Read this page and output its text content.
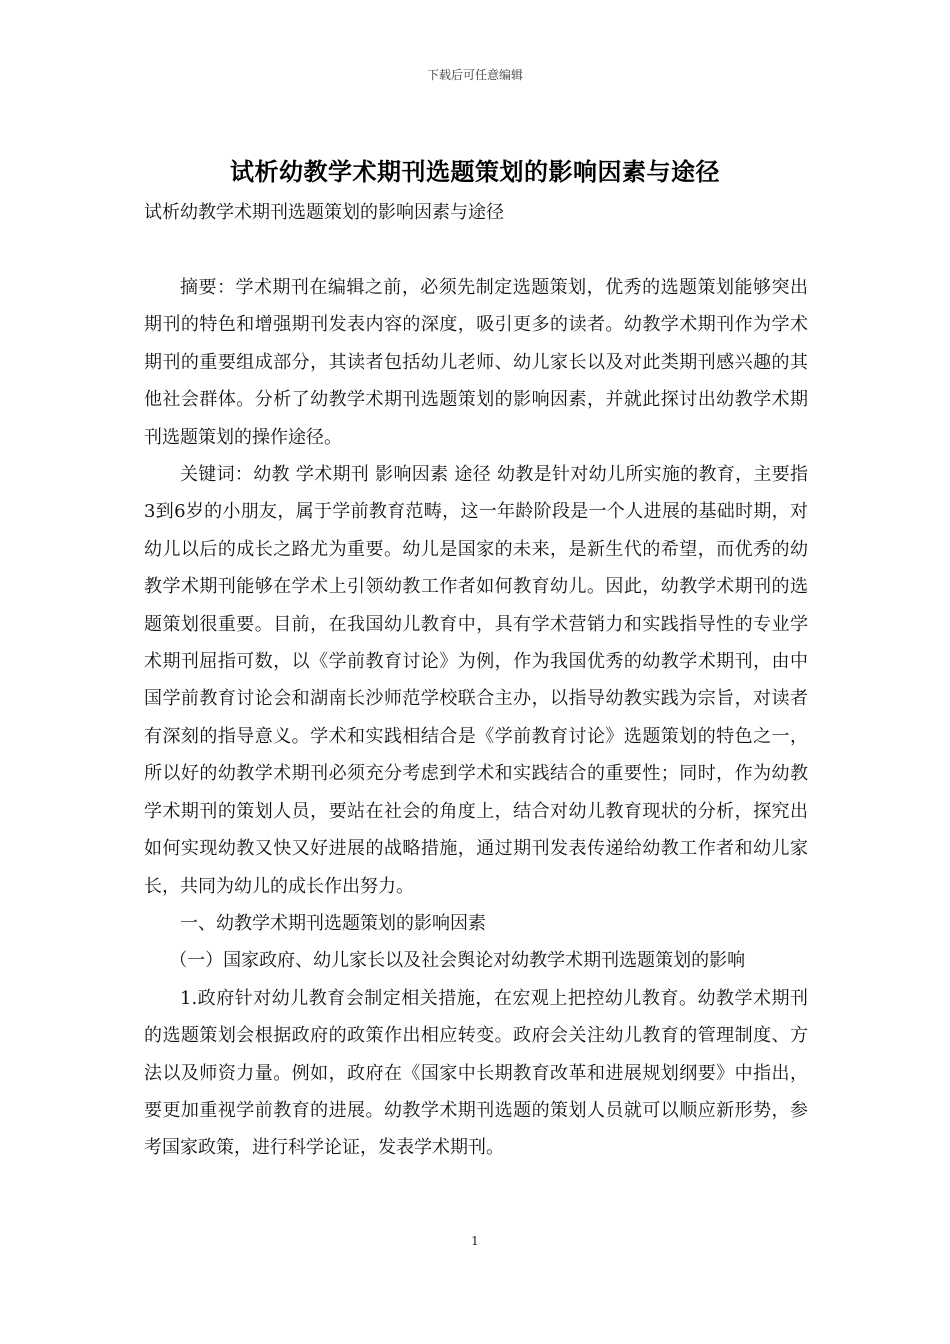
下载后可任意编辑
试析幼教学术期刊选题策划的影响因素与途径
试析幼教学术期刊选题策划的影响因素与途径

摘要：学术期刊在编辑之前，必须先制定选题策划，优秀的选题策划能够突出期刊的特色和增强期刊发表内容的深度，吸引更多的读者。幼教学术期刊作为学术期刊的重要组成部分，其读者包括幼儿老师、幼儿家长以及对此类期刊感兴趣的其他社会群体。分析了幼教学术期刊选题策划的影响因素，并就此探讨出幼教学术期刊选题策划的操作途径。

关键词：幼教 学术期刊 影响因素 途径 幼教是针对幼儿所实施的教育，主要指3到6岁的小朋友，属于学前教育范畴，这一年龄阶段是一个人进展的基础时期，对幼儿以后的成长之路尤为重要。幼儿是国家的未来，是新生代的希望，而优秀的幼教学术期刊能够在学术上引领幼教工作者如何教育幼儿。因此，幼教学术期刊的选题策划很重要。目前，在我国幼儿教育中，具有学术营销力和实践指导性的专业学术期刊屈指可数，以《学前教育讨论》为例，作为我国优秀的幼教学术期刊，由中国学前教育讨论会和湖南长沙师范学校联合主办，以指导幼教实践为宗旨，对读者有深刻的指导意义。学术和实践相结合是《学前教育讨论》选题策划的特色之一，所以好的幼教学术期刊必须充分考虑到学术和实践结合的重要性；同时，作为幼教学术期刊的策划人员，要站在社会的角度上，结合对幼儿教育现状的分析，探究出如何实现幼教又快又好进展的战略措施，通过期刊发表传递给幼教工作者和幼儿家长，共同为幼儿的成长作出努力。

一、幼教学术期刊选题策划的影响因素

（一）国家政府、幼儿家长以及社会舆论对幼教学术期刊选题策划的影响

1.政府针对幼儿教育会制定相关措施，在宏观上把控幼儿教育。幼教学术期刊的选题策划会根据政府的政策作出相应转变。政府会关注幼儿教育的管理制度、方法以及师资力量。例如，政府在《国家中长期教育改革和进展规划纲要》中指出，要更加重视学前教育的进展。幼教学术期刊选题的策划人员就可以顺应新形势，参考国家政策，进行科学论证，发表学术期刊。

1
